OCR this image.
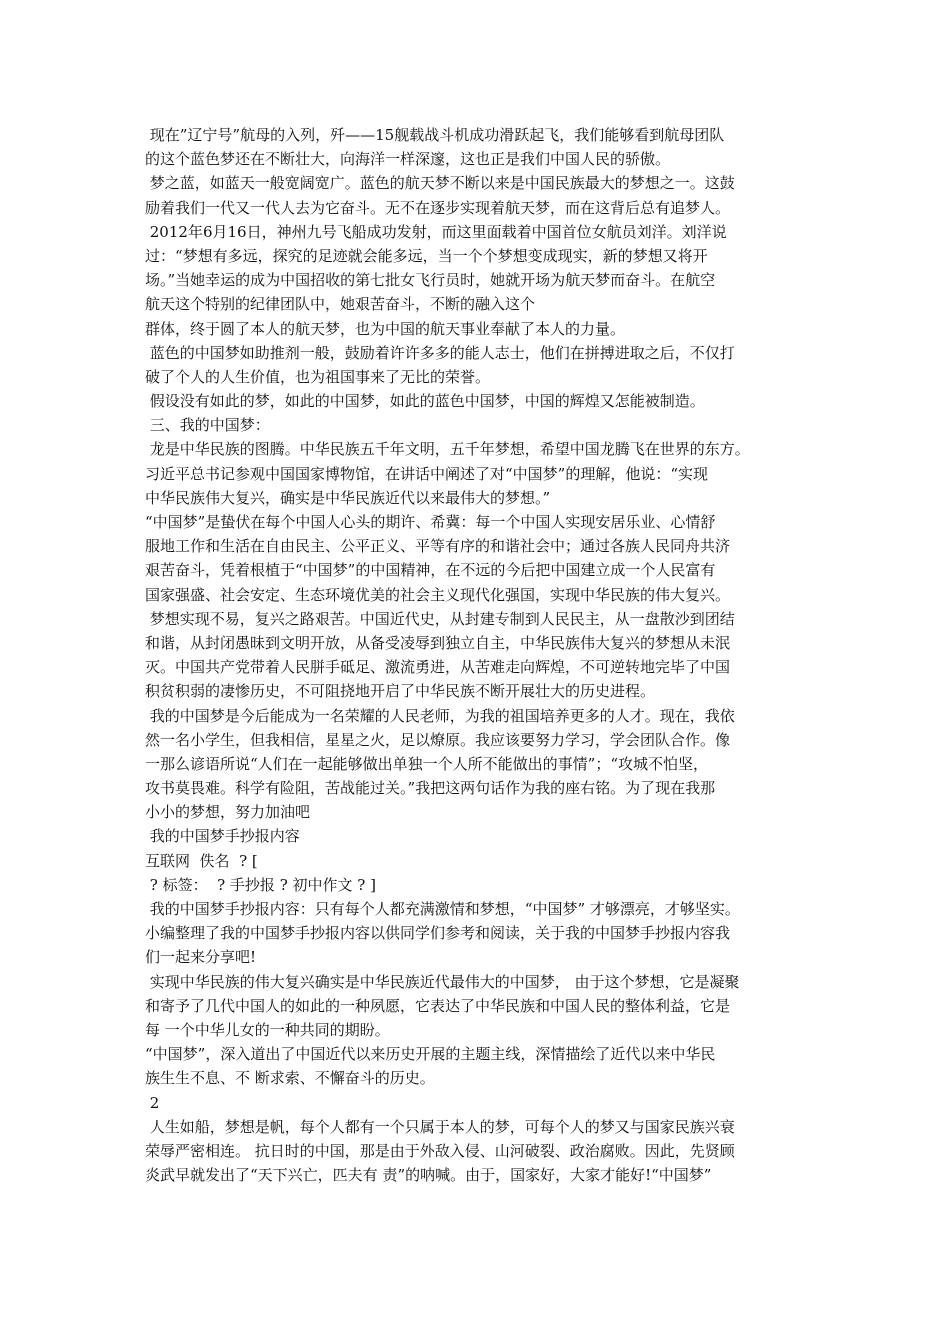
现在”辽宁号”航母的入列，歼——15舰载战斗机成功滑跃起飞，我们能够看到航母团队
的这个蓝色梦还在不断壮大，向海洋一样深邃，这也正是我们中国人民的骄傲。
梦之蓝，如蓝天一般宽阔宽广。蓝色的航天梦不断以来是中国民族最大的梦想之一。这鼓
励着我们一代又一代人去为它奋斗。无不在逐步实现着航天梦，而在这背后总有追梦人。
2012年6月16日，神州九号飞船成功发射，而这里面载着中国首位女航员刘洋。刘洋说
过：“梦想有多远，探究的足迹就会能多远，当一个个梦想变成现实，新的梦想又将开
场。”当她幸运的成为中国招收的第七批女飞行员时，她就开场为航天梦而奋斗。在航空
航天这个特别的纪律团队中，她艰苦奋斗，不断的融入这个
群体，终于圆了本人的航天梦，也为中国的航天事业奉献了本人的力量。
蓝色的中国梦如助推剂一般，鼓励着许许多多的能人志士，他们在拼搏进取之后，不仅打
破了个人的人生价值，也为祖国事来了无比的荣誉。
假设没有如此的梦，如此的中国梦，如此的蓝色中国梦，中国的辉煌又怎能被制造。
三、我的中国梦：
龙是中华民族的图腾。中华民族五千年文明，五千年梦想，希望中国龙腾飞在世界的东方。
习近平总书记参观中国国家博物馆，在讲话中阐述了对“中国梦”的理解，他说：“实现
中华民族伟大复兴，确实是中华民族近代以来最伟大的梦想。”
“中国梦”是蛰伏在每个中国人心头的期许、希冀：每一个中国人实现安居乐业、心情舒
服地工作和生活在自由民主、公平正义、平等有序的和谐社会中；通过各族人民同舟共济
艰苦奋斗，凭着根植于“中国梦”的中国精神，在不远的今后把中国建立成一个人民富有
国家强盛、社会安定、生态环境优美的社会主义现代化强国，实现中华民族的伟大复兴。
梦想实现不易，复兴之路艰苦。中国近代史，从封建专制到人民民主，从一盘散沙到团结
和谐，从封闭愚昧到文明开放，从备受凌辱到独立自主，中华民族伟大复兴的梦想从未泯
灭。中国共产党带着人民胼手砥足、激流勇进，从苦难走向辉煌，不可逆转地完毕了中国
积贫积弱的凄惨历史，不可阻挠地开启了中华民族不断开展壮大的历史进程。
我的中国梦是今后能成为一名荣耀的人民老师，为我的祖国培养更多的人才。现在，我依
然一名小学生，但我相信，星星之火，足以燎原。我应该要努力学习，学会团队合作。像
一那么谚语所说“人们在一起能够做出单独一个人所不能做出的事情”；“攻城不怕坚，
攻书莫畏难。科学有险阻，苦战能过关。”我把这两句话作为我的座右铭。为了现在我那
小小的梦想，努力加油吧
我的中国梦手抄报内容
互联网  佚名  ? [
? 标签：  ? 手抄报 ? 初中作文 ? ]
我的中国梦手抄报内容：只有每个人都充满激情和梦想，“中国梦” 才够漂亮，才够坚实。
小编整理了我的中国梦手抄报内容以供同学们参考和阅读，关于我的中国梦手抄报内容我
们一起来分享吧!
实现中华民族的伟大复兴确实是中华民族近代最伟大的中国梦， 由于这个梦想，它是凝聚
和寄予了几代中国人的如此的一种夙愿，它表达了中华民族和中国人民的整体利益，它是
每 一个中华儿女的一种共同的期盼。
“中国梦”，深入道出了中国近代以来历史开展的主题主线，深情描绘了近代以来中华民
族生生不息、不 断求索、不懈奋斗的历史。
2
人生如船，梦想是帆，每个人都有一个只属于本人的梦，可每个人的梦又与国家民族兴衰
荣辱严密相连。 抗日时的中国，那是由于外敌入侵、山河破裂、政治腐败。因此，先贤顾
炎武早就发出了“天下兴亡，匹夫有 责”的呐喊。由于，国家好，大家才能好!“中国梦”
